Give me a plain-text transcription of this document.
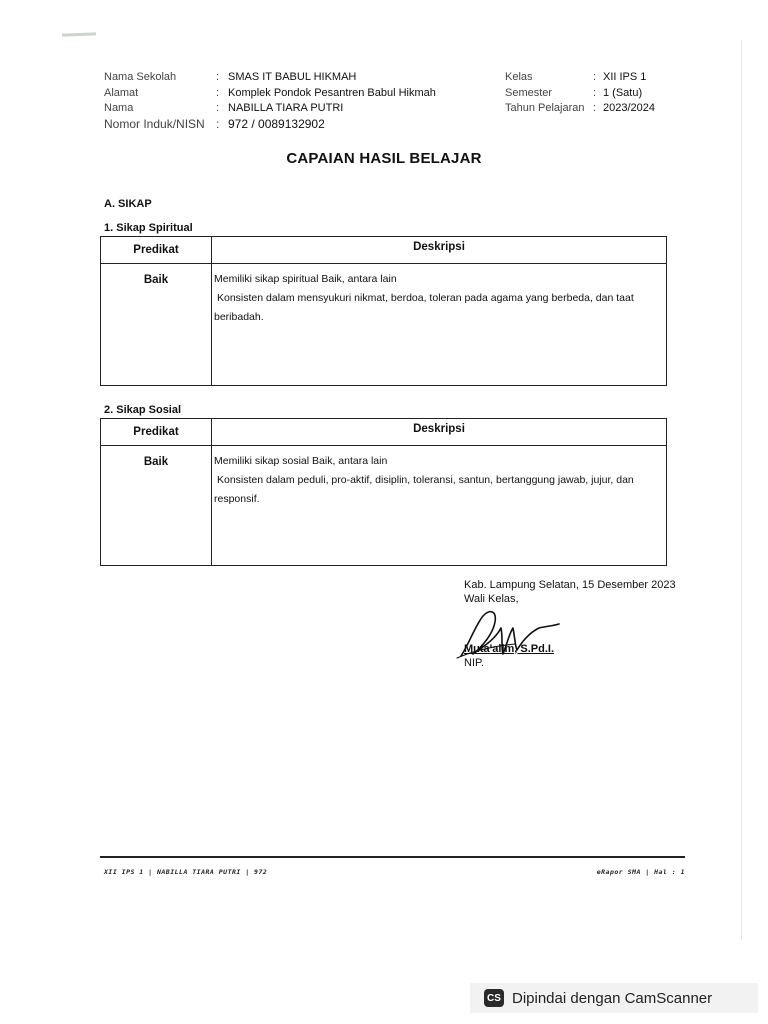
Nama Sekolah	: SMAS IT BABUL HIKMAH
Alamat	: Komplek Pondok Pesantren Babul Hikmah
Nama	: NABILLA TIARA PUTRI
Nomor Induk/NISN : 972 / 0089132902
Kelas	: XII IPS 1
Semester	: 1 (Satu)
Tahun Pelajaran : 2023/2024
CAPAIAN HASIL BELAJAR
A. SIKAP
1. Sikap Spiritual
Predikat	Deskripsi
Baik	Memiliki sikap spiritual Baik, antara lain
Konsisten dalam mensyukuri nikmat, berdoa, toleran pada agama yang berbeda, dan taat
beribadah.
2. Sikap Sosial
Predikat	Deskripsi
Baik	Memiliki sikap sosial Baik, antara lain
Konsisten dalam peduli, pro-aktif, disiplin, toleransi, santun, bertanggung jawab, jujur, dan
responsif.
Kab. Lampung Selatan, 15 Desember 2023
Wali Kelas,
Muta'alim, S.Pd.I.
NIP.
XII IPS 1 | NABILLA TIARA PUTRI | 972	eRapor SMA | Hal : 1
CS Dipindai dengan CamScanner
